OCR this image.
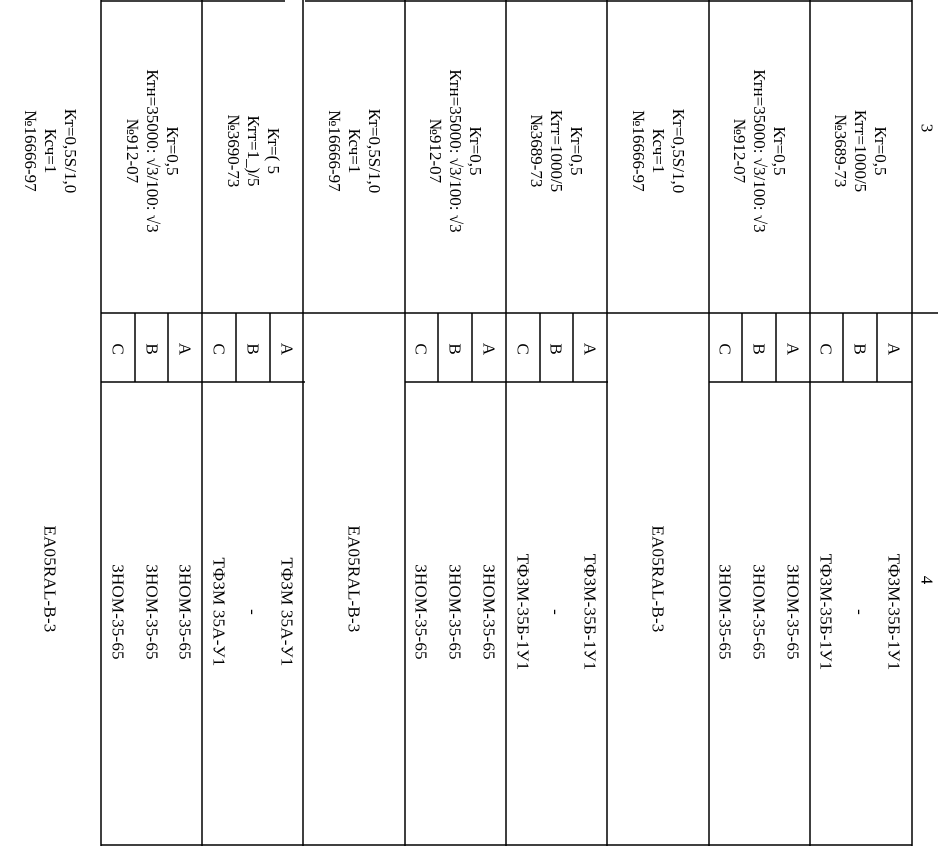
3
4
Кт=0,5
Ктт=1000/5
№3689-73
A
B
C
ТФЗМ-35Б-1У1
-
ТФЗМ-35Б-1У1
Кт=0,5
Ктн=35000: √3/100: √3
№912-07
A
B
C
ЗНОМ-35-65
ЗНОМ-35-65
ЗНОМ-35-65
Кт=0,5S/1,0
Ксч=1
№16666-97
EA05RAL-B-3
Кт=0,5
Ктт=1000/5
№3689-73
A
B
C
ТФЗМ-35Б-1У1
-
ТФЗМ-35Б-1У1
Кт=0,5
Ктн=35000: √3/100: √3
№912-07
A
B
C
ЗНОМ-35-65
ЗНОМ-35-65
ЗНОМ-35-65
Кт=0,5S/1,0
Ксч=1
№16666-97
EA05RAL-B-3
Кт=( 5
Ктт=1_)/5
№3690-73
A
B
C
ТФЗМ 35А-У1
-
ТФЗМ 35А-У1
Кт=0,5
Ктн=35000: √3/100: √3
№912-07
A
B
C
ЗНОМ-35-65
ЗНОМ-35-65
ЗНОМ-35-65
Кт=0,5S/1,0
Ксч=1
№16666-97
EA05RAL-B-3
